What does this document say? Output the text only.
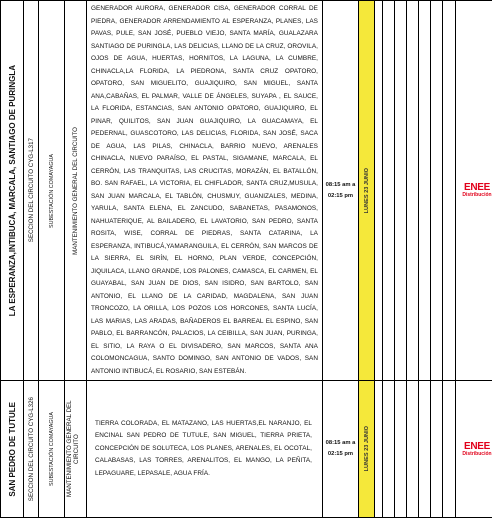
LA ESPERANZA,INTIBUCÁ, MARCALA, SANTIAGO DE PURINGLA	SECCIÓN DEL CIRCUITO CYG-L317	SUBESTACIÓN COMAYAGUA	MANTENIMIENTO GENERAL DEL CIRCUITO	GENERADOR AURORA, GENERADOR CISA, GENERADOR CORRAL DE PIEDRA, GENERADOR ARRENDAMIENTO AL ESPERANZA, PLANES, LAS PAVAS, PULE, SAN JOSÉ, PUEBLO VIEJO, SANTA MARÍA, GUALAZARA SANTIAGO DE PURINGLA, LAS DELICIAS, LLANO DE LA CRUZ, OROVILA, OJOS DE AGUA, HUERTAS, HORNITOS, LA LAGUNA, LA CUMBRE, CHINACLA,LA FLORIDA, LA PIEDRONA, SANTA CRUZ OPATORO, OPATORO, SAN MIGUELITO, GUAJIQUIRO, SAN MIGUEL, SANTA ANA,CABAÑAS, EL PALMAR, VALLE DE ÁNGELES, SUYAPA , EL SAUCE, LA FLORIDA, ESTANCIAS, SAN ANTONIO OPATORO, GUAJIQUIRO, EL PINAR, QUILITOS, SAN JUAN GUAJIQUIRO, LA GUACAMAYA, EL PEDERNAL, GUASCOTORO, LAS DELICIAS, FLORIDA, SAN JOSÉ, SACA DE AGUA, LAS PILAS, CHINACLA, BARRIO NUEVO, ARENALES CHINACLA, NUEVO PARAÍSO, EL PASTAL, SIGAMANE, MARCALA, EL CERRÓN, LAS TRANQUITAS, LAS CRUCITAS, MORAZÁN, EL BATALLÓN, BO. SAN RAFAEL, LA VICTORIA, EL CHIFLADOR, SANTA CRUZ,MUSULA, SAN JUAN MARCALA, EL TABLÓN, CHUSMUY, GUANIZALES, MEDINA, YARULA, SANTA ELENA, EL ZANCUDO, SABANETAS, PASAMONOS, NAHUATERIQUE, AL BAILADERO, EL LAVATORIO, SAN PEDRO, SANTA ROSITA, WISE, CORRAL DE PIEDRAS, SANTA CATARINA, LA ESPERANZA, INTIBUCÁ,YAMARANGUILA, EL CERRÓN, SAN MARCOS DE LA SIERRA, EL SIRÍN, EL HORNO, PLAN VERDE, CONCEPCIÓN, JIQUILACA, LLANO GRANDE, LOS PALONES, CAMASCA, EL CARMEN, EL GUAYABAL, SAN JUAN DE DIOS, SAN ISIDRO, SAN BARTOLO, SAN ANTONIO, EL LLANO DE LA CARIDAD, MAGDALENA, SAN JUAN TRONCOZO, LA ORILLA, LOS POZOS LOS HORCONES, SANTA LUCÍA, LAS MARIAS, LAS ARADAS, BAÑADEROS EL BARREAL EL ESPINO, SAN PABLO, EL BARRANCÓN, PALACIOS, LA CEIBILLA, SAN JUAN, PURINGA, EL SITIO, LA RAYA O EL DIVISADERO, SAN MARCOS, SANTA ANA COLOMONCAGUA, SANTO DOMINGO, SAN ANTONIO DE VADOS, SAN ANTONIO INTIBUCÁ, EL ROSARIO, SAN ESTEBÁN.	08:15 am a 02:15 pm	LUNES 23 JUNIO								ENEE
Distribución

SAN PEDRO DE TUTULE	SECCIÓN DEL CIRCUITO CYG-L326	SUBESTACIÓN COMAYAGUA	MANTENIMIENTO GENERAL DEL CIRCUITO	TIERRA COLORADA, EL MATAZANO, LAS HUERTAS,EL NARANJO, EL ENCINAL SAN PEDRO DE TUTULE, SAN MIGUEL, TIERRA PRIETA, CONCEPCIÓN DE SOLUTECA, LOS PLANES, ARENALES, EL OCOTAL, CALABASAS, LAS TORRES, ARENALITOS, EL MANGO, LA PEÑITA, LEPAGUARE, LEPASALE, AGUA FRÍA.	08:15 am a 02:15 pm	LUNES 23 JUNIO								ENEE
Distribución
